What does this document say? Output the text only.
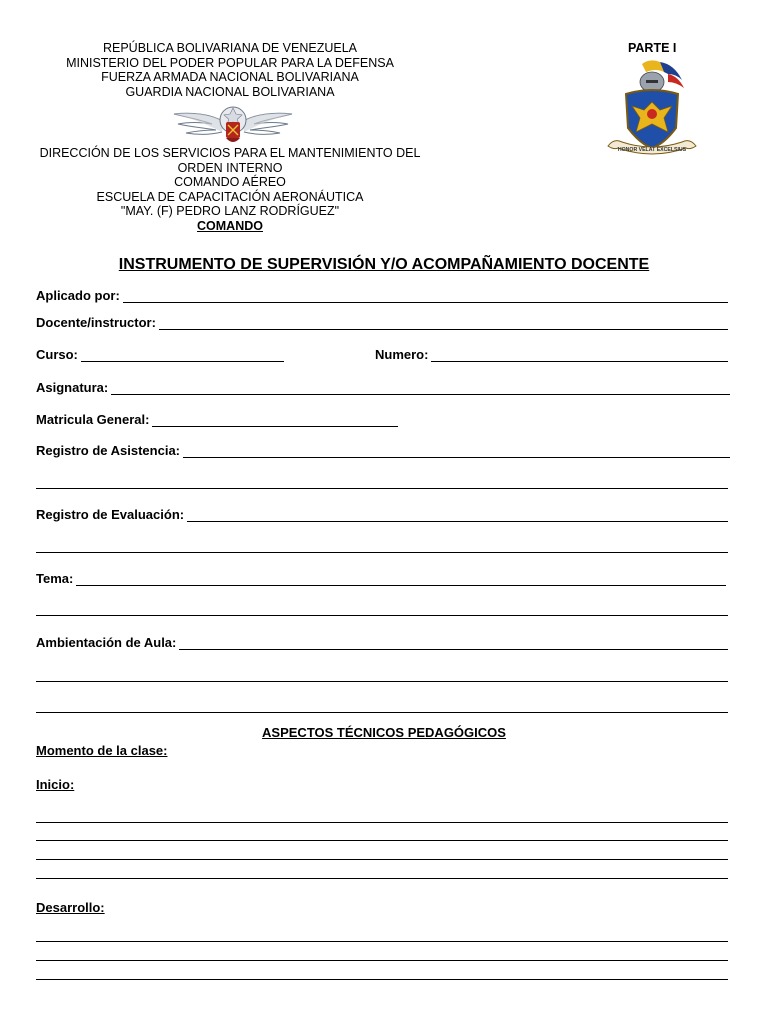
REPÚBLICA BOLIVARIANA DE VENEZUELA
MINISTERIO DEL PODER POPULAR PARA LA DEFENSA
FUERZA ARMADA NACIONAL BOLIVARIANA
GUARDIA NACIONAL BOLIVARIANA
DIRECCIÓN DE LOS SERVICIOS PARA EL MANTENIMIENTO DEL
ORDEN INTERNO
COMANDO AÉREO
ESCUELA DE CAPACITACIÓN AERONÁUTICA
"MAY. (F) PEDRO LANZ RODRÍGUEZ"
COMANDO
PARTE I
HONOR VELAT EXCELSIUS
INSTRUMENTO DE SUPERVISIÓN Y/O ACOMPAÑAMIENTO DOCENTE
Aplicado por:
Docente/instructor:
Curso:	Numero:
Asignatura:
Matricula General:
Registro de Asistencia:
Registro de Evaluación:
Tema:
Ambientación de Aula:
ASPECTOS TÉCNICOS PEDAGÓGICOS
Momento de la clase:
Inicio:
Desarrollo:
